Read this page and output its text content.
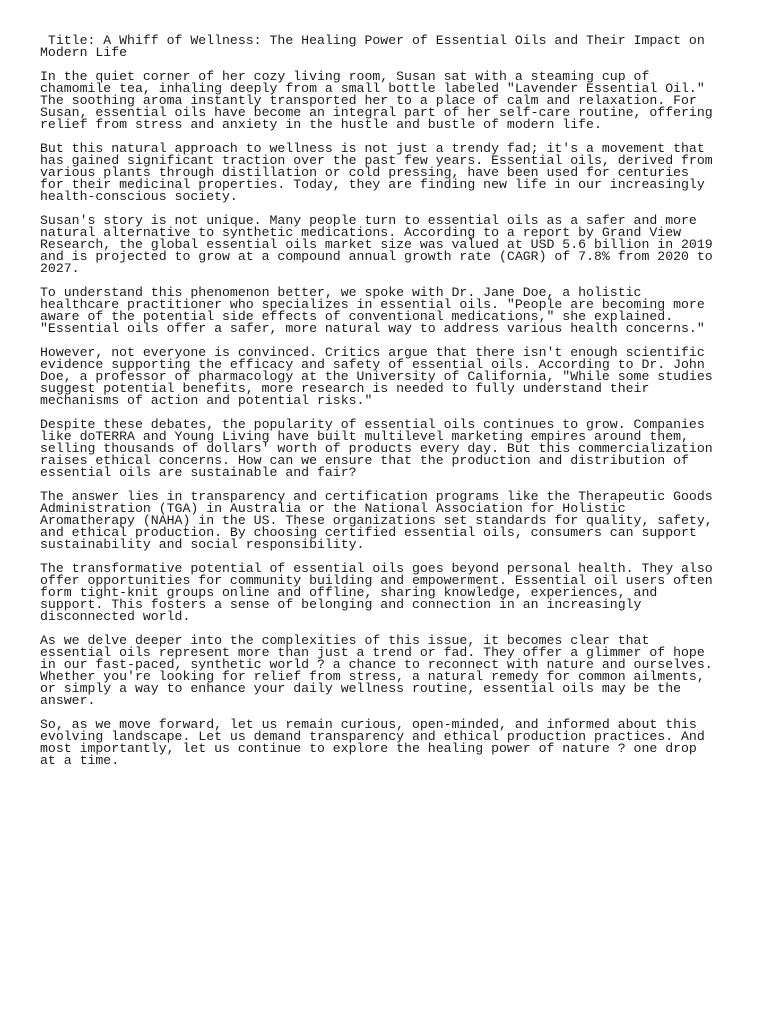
Title: A Whiff of Wellness: The Healing Power of Essential Oils and Their Impact on
Modern Life
In the quiet corner of her cozy living room, Susan sat with a steaming cup of
chamomile tea, inhaling deeply from a small bottle labeled "Lavender Essential Oil."
The soothing aroma instantly transported her to a place of calm and relaxation. For
Susan, essential oils have become an integral part of her self-care routine, offering
relief from stress and anxiety in the hustle and bustle of modern life.
But this natural approach to wellness is not just a trendy fad; it's a movement that
has gained significant traction over the past few years. Essential oils, derived from
various plants through distillation or cold pressing, have been used for centuries
for their medicinal properties. Today, they are finding new life in our increasingly
health-conscious society.
Susan's story is not unique. Many people turn to essential oils as a safer and more
natural alternative to synthetic medications. According to a report by Grand View
Research, the global essential oils market size was valued at USD 5.6 billion in 2019
and is projected to grow at a compound annual growth rate (CAGR) of 7.8% from 2020 to
2027.
To understand this phenomenon better, we spoke with Dr. Jane Doe, a holistic
healthcare practitioner who specializes in essential oils. "People are becoming more
aware of the potential side effects of conventional medications," she explained.
"Essential oils offer a safer, more natural way to address various health concerns."
However, not everyone is convinced. Critics argue that there isn't enough scientific
evidence supporting the efficacy and safety of essential oils. According to Dr. John
Doe, a professor of pharmacology at the University of California, "While some studies
suggest potential benefits, more research is needed to fully understand their
mechanisms of action and potential risks."
Despite these debates, the popularity of essential oils continues to grow. Companies
like doTERRA and Young Living have built multilevel marketing empires around them,
selling thousands of dollars' worth of products every day. But this commercialization
raises ethical concerns. How can we ensure that the production and distribution of
essential oils are sustainable and fair?
The answer lies in transparency and certification programs like the Therapeutic Goods
Administration (TGA) in Australia or the National Association for Holistic
Aromatherapy (NAHA) in the US. These organizations set standards for quality, safety,
and ethical production. By choosing certified essential oils, consumers can support
sustainability and social responsibility.
The transformative potential of essential oils goes beyond personal health. They also
offer opportunities for community building and empowerment. Essential oil users often
form tight-knit groups online and offline, sharing knowledge, experiences, and
support. This fosters a sense of belonging and connection in an increasingly
disconnected world.
As we delve deeper into the complexities of this issue, it becomes clear that
essential oils represent more than just a trend or fad. They offer a glimmer of hope
in our fast-paced, synthetic world ? a chance to reconnect with nature and ourselves.
Whether you're looking for relief from stress, a natural remedy for common ailments,
or simply a way to enhance your daily wellness routine, essential oils may be the
answer.
So, as we move forward, let us remain curious, open-minded, and informed about this
evolving landscape. Let us demand transparency and ethical production practices. And
most importantly, let us continue to explore the healing power of nature ? one drop
at a time.
